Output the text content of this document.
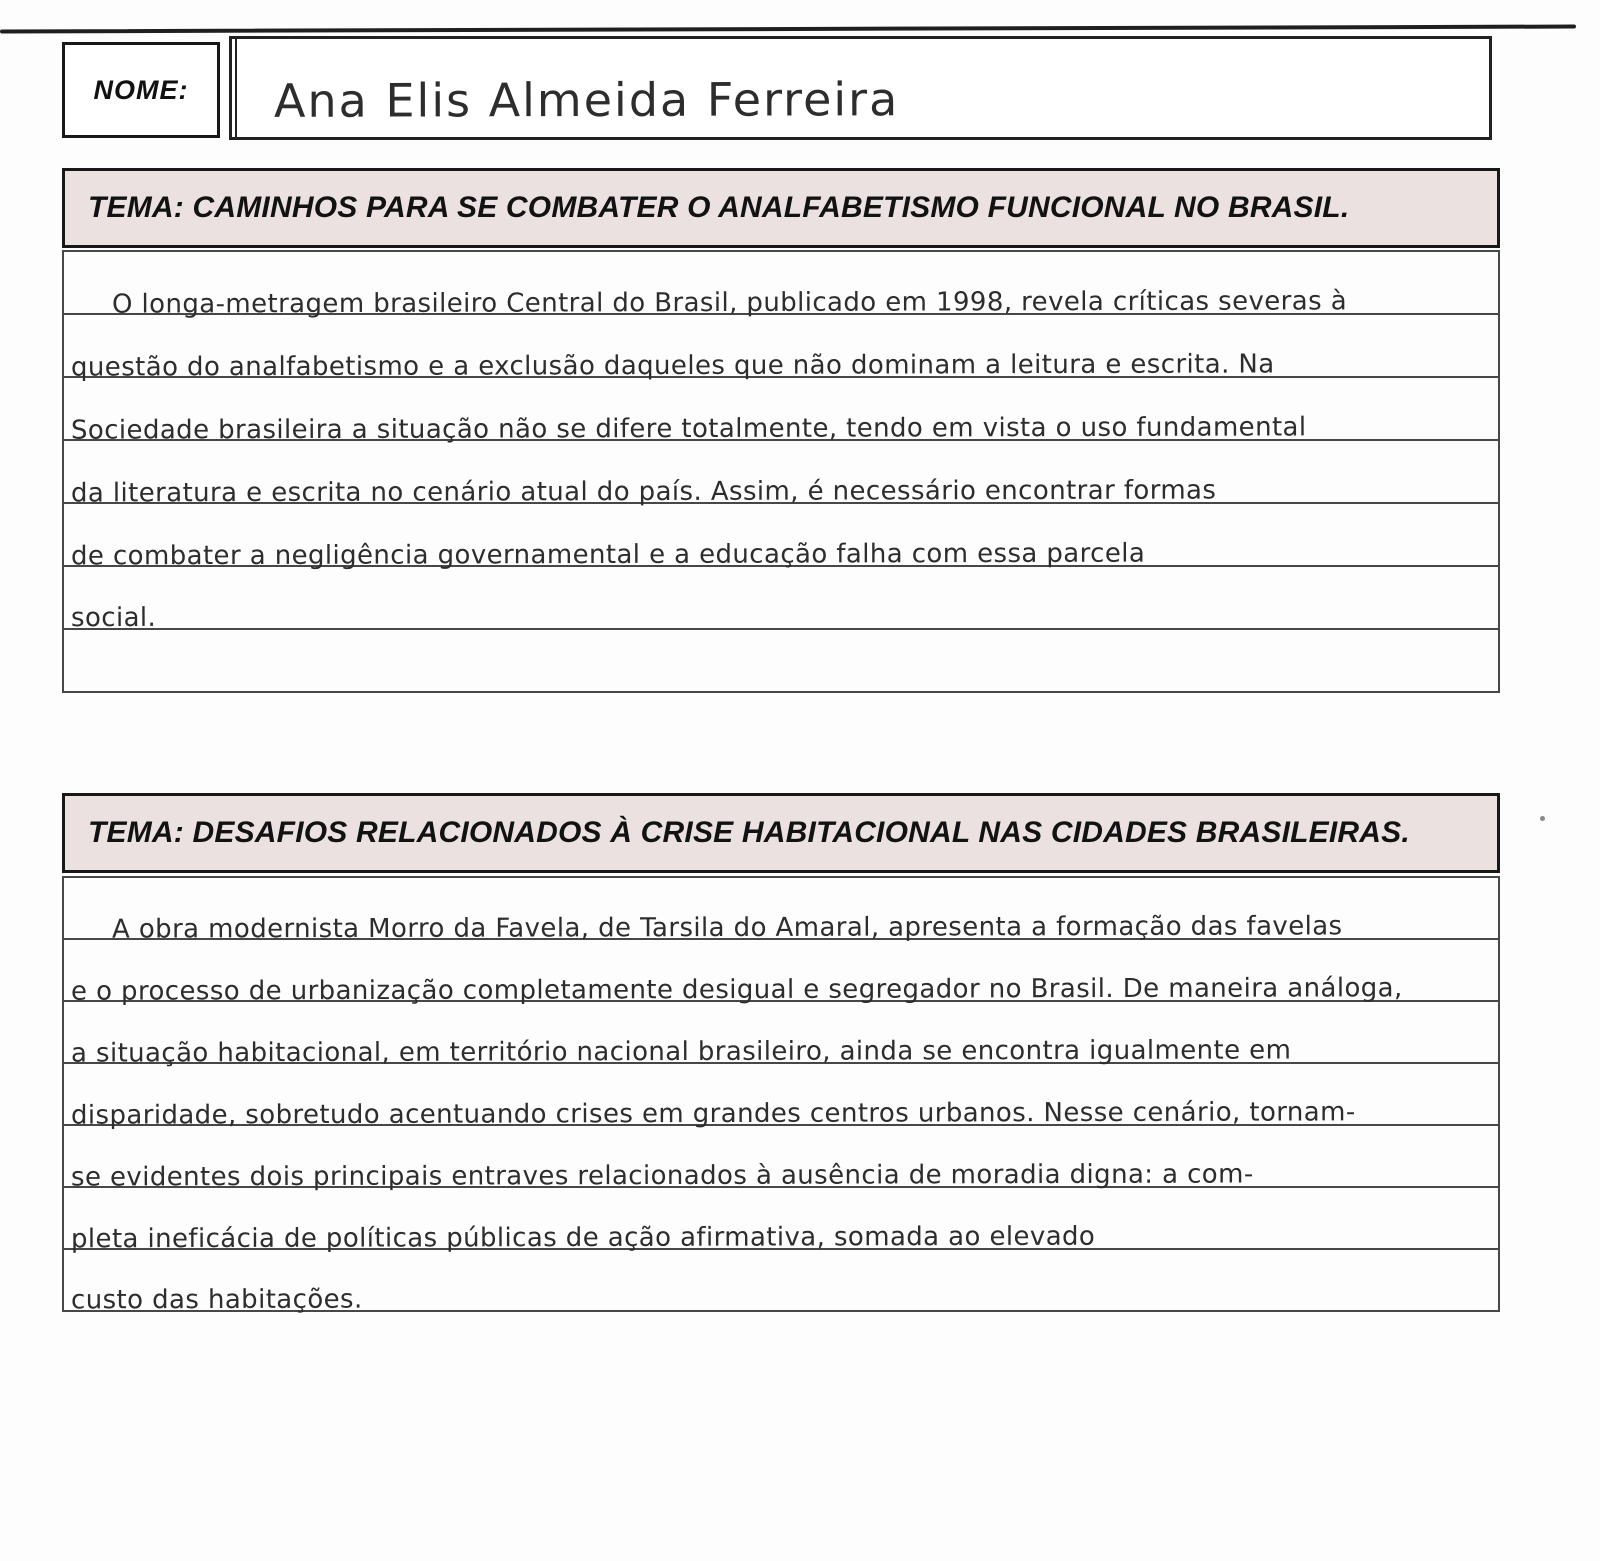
NOME: Ana Elis Almeida Ferreira
TEMA: CAMINHOS PARA SE COMBATER O ANALFABETISMO FUNCIONAL NO BRASIL.
O longa-metragem brasileiro Central do Brasil, publicado em 1998, revela críticas severas à
questão do analfabetismo e a exclusão daqueles que não dominam a leitura e escrita. Na
Sociedade brasileira a situação não se difere totalmente, tendo em vista o uso fundamental
da literatura e escrita no cenário atual do país. Assim, é necessário encontrar formas
de combater a negligência governamental e a educação falha com essa parcela
social.
TEMA: DESAFIOS RELACIONADOS À CRISE HABITACIONAL NAS CIDADES BRASILEIRAS.
A obra modernista Morro da Favela, de Tarsila do Amaral, apresenta a formação das favelas
e o processo de urbanização completamente desigual e segregador no Brasil. De maneira análoga,
a situação habitacional, em território nacional brasileiro, ainda se encontra igualmente em
disparidade, sobretudo acentuando crises em grandes centros urbanos. Nesse cenário, tornam-
se evidentes dois principais entraves relacionados à ausência de moradia digna: a com-
pleta ineficácia de políticas públicas de ação afirmativa, somada ao elevado
custo das habitações.
